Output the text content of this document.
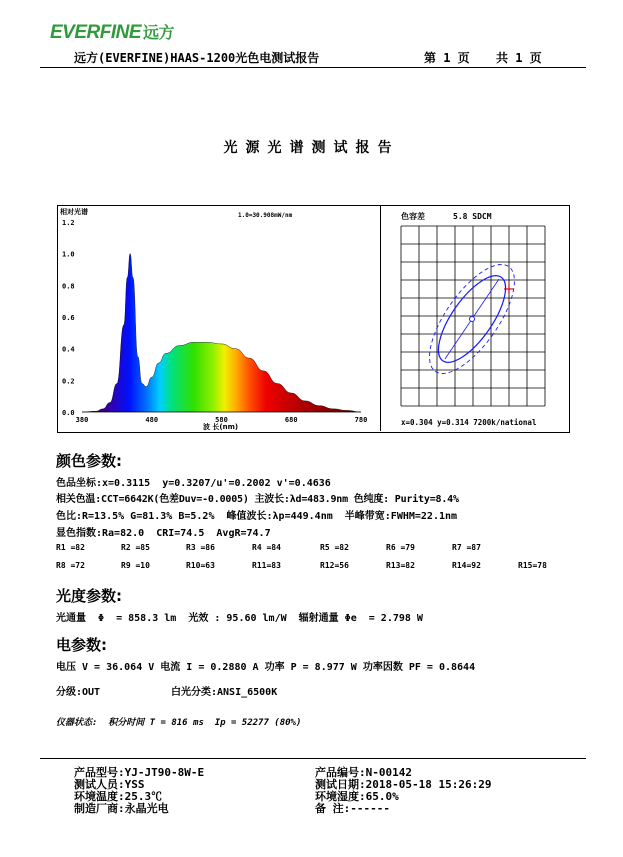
EVERFINE 远方
远方(EVERFINE)HAAS-1200光色电测试报告	第 1 页 共 1 页
光源光谱测试报告
相对光谱	1.0=30.908mW/nm
1.2
1.0
0.8
0.6
0.4
0.2
0.0
380	480	580	680	780
波 长(nm)
色容差	5.8 SDCM
x=0.304 y=0.314 7200k/national
颜色参数:
色品坐标:x=0.3115  y=0.3207/u'=0.2002 v'=0.4636
相关色温:CCT=6642K(色差Duv=-0.0005) 主波长:λd=483.9nm 色纯度: Purity=8.4%
色比:R=13.5% G=81.3% B=5.2%  峰值波长:λp=449.4nm  半峰带宽:FWHM=22.1nm
显色指数:Ra=82.0  CRI=74.5  AvgR=74.7
R1 =82	R2 =85	R3 =86	R4 =84	R5 =82	R6 =79	R7 =87
R8 =72	R9 =10	R10=63	R11=83	R12=56	R13=82	R14=92	R15=78
光度参数:
光通量  Φ  = 858.3 lm  光效 : 95.60 lm/W  辐射通量 Φe  = 2.798 W
电参数:
电压 V = 36.064 V 电流 I = 0.2880 A 功率 P = 8.977 W 功率因数 PF = 0.8644
分级:OUT	白光分类:ANSI_6500K
仪器状态:  积分时间 T = 816 ms  Ip = 52277 (80%)
产品型号:YJ-JT90-8W-E
测试人员:YSS
环境温度:25.3℃
制造厂商:永晶光电
产品编号:N-00142
测试日期:2018-05-18 15:26:29
环境湿度:65.0%
备 注:------
